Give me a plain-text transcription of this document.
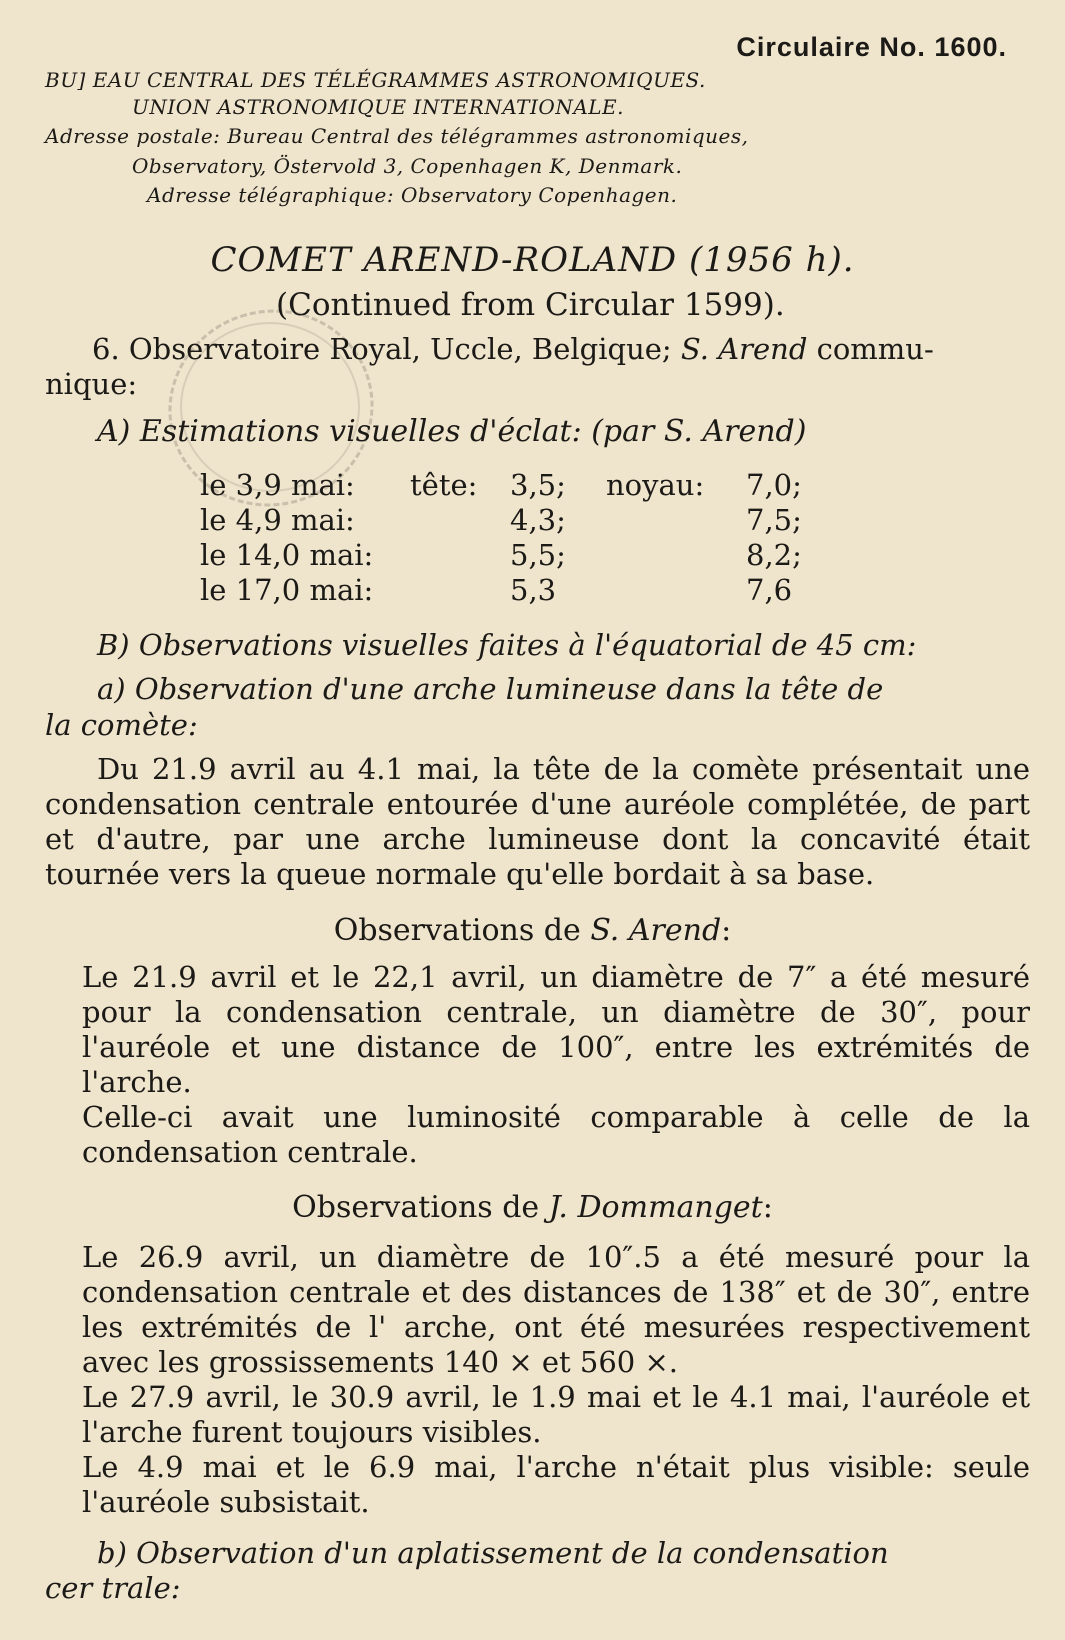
Circulaire No. 1600.
BU] EAU CENTRAL DES TÉLÉGRAMMES ASTRONOMIQUES.
UNION ASTRONOMIQUE INTERNATIONALE.
Adresse postale: Bureau Central des télégrammes astronomiques,
Observatory, Östervold 3, Copenhagen K, Denmark.
Adresse télégraphique: Observatory Copenhagen.
COMET AREND-ROLAND (1956 h).
(Continued from Circular 1599).
6. Observatoire Royal, Uccle, Belgique; S. Arend commu-
nique:
A) Estimations visuelles d'éclat: (par S. Arend)
le 3,9 mai:	tête:	3,5;	noyau:	7,0;
le 4,9 mai:		4,3;		7,5;
le 14,0 mai:		5,5;		8,2;
le 17,0 mai:		5,3		7,6
B) Observations visuelles faites à l'équatorial de 45 cm:
a) Observation d'une arche lumineuse dans la tête de
la comète:

Du 21.9 avril au 4.1 mai, la tête de la comète présentait une condensation centrale entourée d'une auréole complétée, de part et d'autre, par une arche lumineuse dont la concavité était tournée vers la queue normale qu'elle bordait à sa base.

Observations de S. Arend:

Le 21.9 avril et le 22,1 avril, un diamètre de 7″ a été mesuré pour la condensation centrale, un diamètre de 30″, pour l'auréole et une distance de 100″, entre les extrémités de l'arche.

Celle-ci avait une luminosité comparable à celle de la condensation centrale.

Observations de J. Dommanget:

Le 26.9 avril, un diamètre de 10″.5 a été mesuré pour la condensation centrale et des distances de 138″ et de 30″, entre les extrémités de l' arche, ont été mesurées respectivement avec les grossissements 140 × et 560 ×.

Le 27.9 avril, le 30.9 avril, le 1.9 mai et le 4.1 mai, l'auréole et l'arche furent toujours visibles.

Le 4.9 mai et le 6.9 mai, l'arche n'était plus visible: seule l'auréole subsistait.

b) Observation d'un aplatissement de la condensation
cer trale:
